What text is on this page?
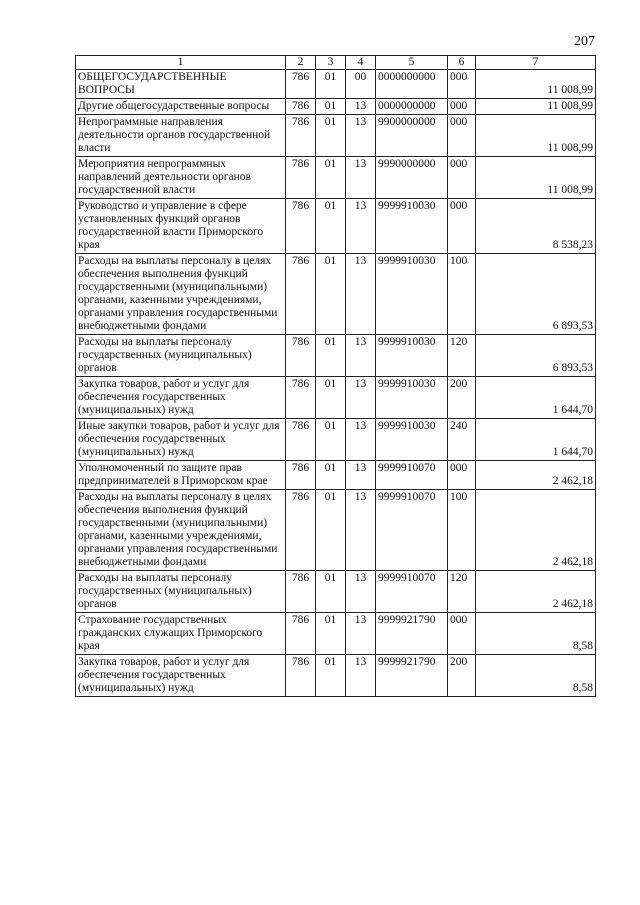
207
1	2	3	4	5	6	7
ОБЩЕГОСУДАРСТВЕННЫЕ ВОПРОСЫ	786	01	00	0000000000	000	11 008,99
Другие общегосударственные вопросы	786	01	13	0000000000	000	11 008,99
Непрограммные направления деятельности органов государственной власти	786	01	13	9900000000	000	11 008,99
Мероприятия непрограммных направлений деятельности органов государственной власти	786	01	13	9990000000	000	11 008,99
Руководство и управление в сфере установленных функций органов государственной власти Приморского края	786	01	13	9999910030	000	8 538,23
Расходы на выплаты персоналу в целях обеспечения выполнения функций государственными (муниципальными) органами, казенными учреждениями, органами управления государственными внебюджетными фондами	786	01	13	9999910030	100	6 893,53
Расходы на выплаты персоналу государственных (муниципальных) органов	786	01	13	9999910030	120	6 893,53
Закупка товаров, работ и услуг для обеспечения государственных (муниципальных) нужд	786	01	13	9999910030	200	1 644,70
Иные закупки товаров, работ и услуг для обеспечения государственных (муниципальных) нужд	786	01	13	9999910030	240	1 644,70
Уполномоченный по защите прав предпринимателей в Приморском крае	786	01	13	9999910070	000	2 462,18
Расходы на выплаты персоналу в целях обеспечения выполнения функций государственными (муниципальными) органами, казенными учреждениями, органами управления государственными внебюджетными фондами	786	01	13	9999910070	100	2 462,18
Расходы на выплаты персоналу государственных (муниципальных) органов	786	01	13	9999910070	120	2 462,18
Страхование государственных гражданских служащих Приморского края	786	01	13	9999921790	000	8,58
Закупка товаров, работ и услуг для обеспечения государственных (муниципальных) нужд	786	01	13	9999921790	200	8,58
